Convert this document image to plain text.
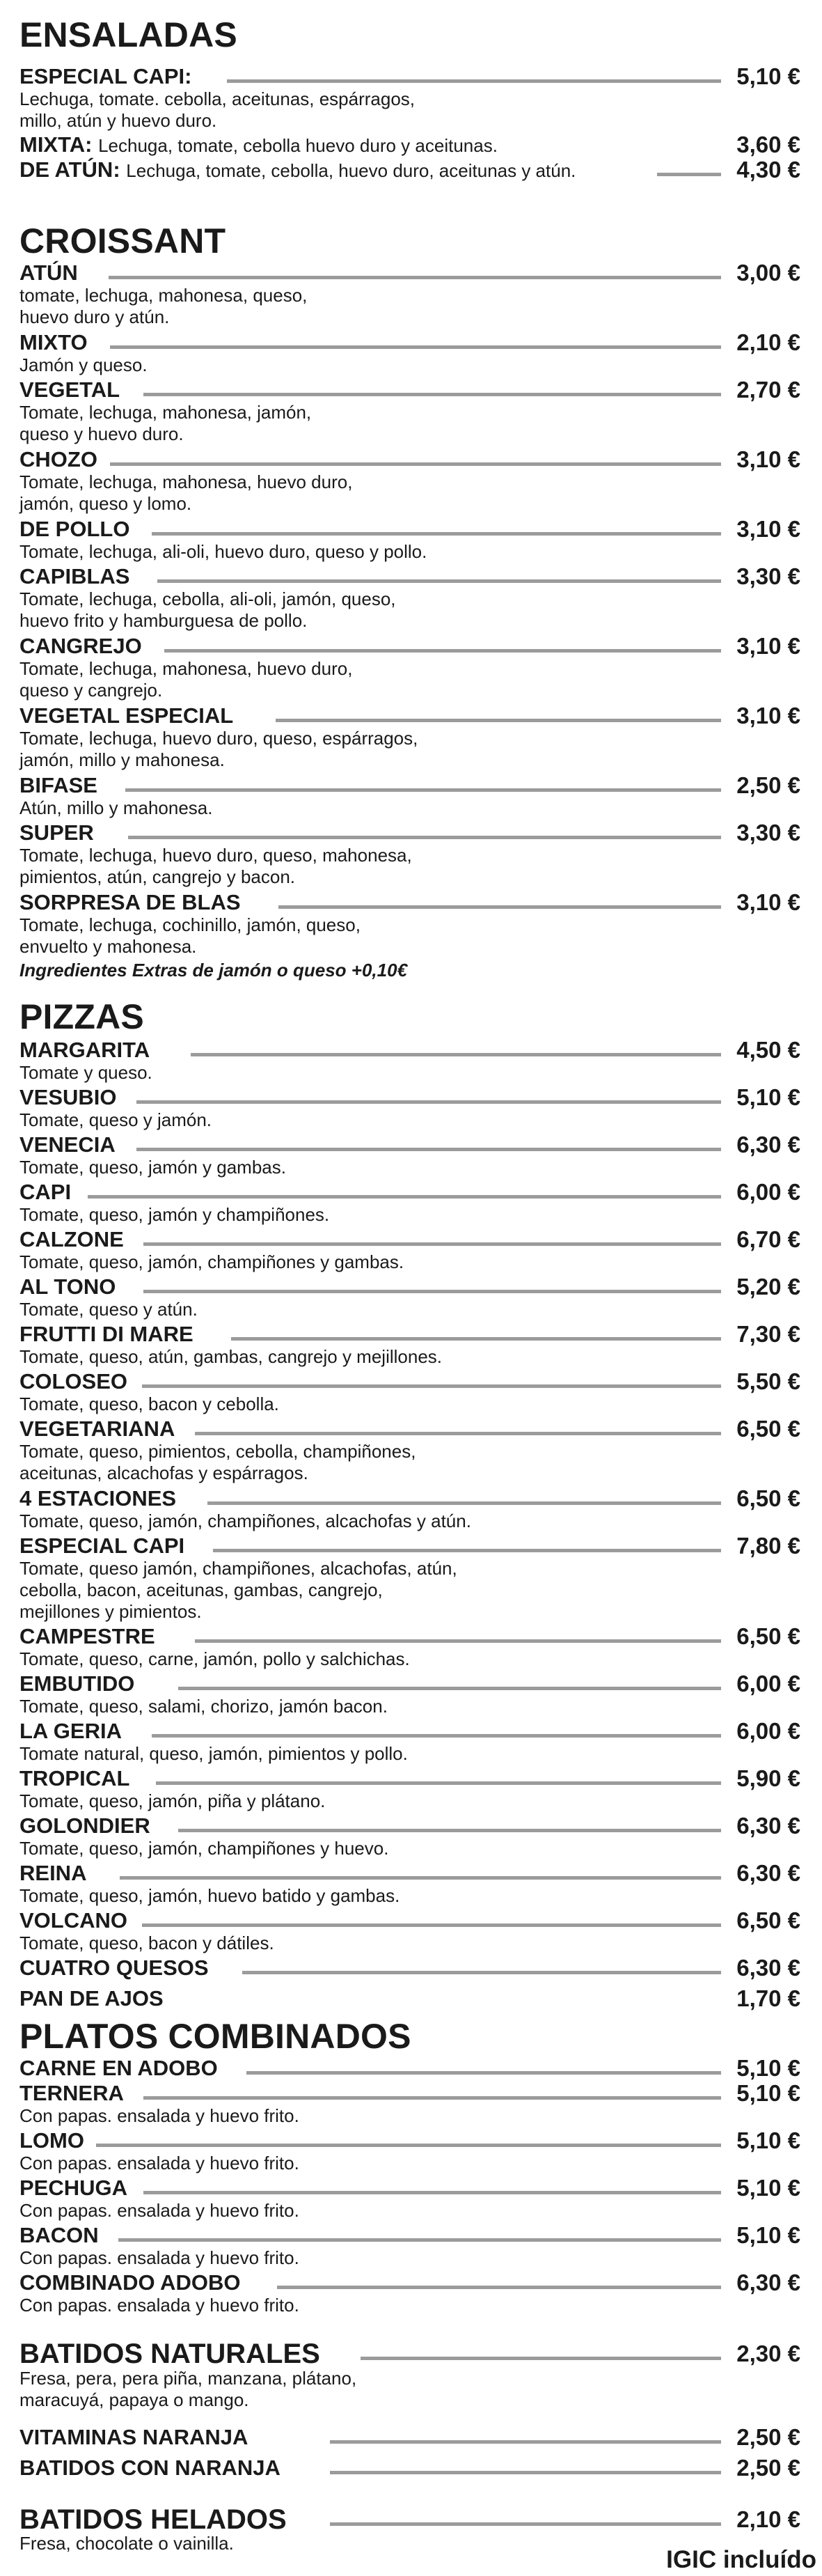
ENSALADAS
ESPECIAL CAPI:	5,10 €

Lechuga, tomate. cebolla, aceitunas, espárragos,
millo, atún y huevo duro.

MIXTA: Lechuga, tomate, cebolla huevo duro y aceitunas.	3,60 €
DE ATÚN: Lechuga, tomate, cebolla, huevo duro, aceitunas y atún.	4,30 €
CROISSANT
ATÚN	3,00 €

tomate, lechuga, mahonesa, queso,
huevo duro y atún.

MIXTO	2,10 €

Jamón y queso.

VEGETAL	2,70 €

Tomate, lechuga, mahonesa, jamón,
queso y huevo duro.

CHOZO	3,10 €

Tomate, lechuga, mahonesa, huevo duro,
jamón, queso y lomo.

DE POLLO	3,10 €

Tomate, lechuga, ali-oli, huevo duro, queso y pollo.

CAPIBLAS	3,30 €

Tomate, lechuga, cebolla, ali-oli, jamón, queso,
huevo frito y hamburguesa de pollo.

CANGREJO	3,10 €

Tomate, lechuga, mahonesa, huevo duro,
queso y cangrejo.

VEGETAL ESPECIAL	3,10 €

Tomate, lechuga, huevo duro, queso, espárragos,
jamón, millo y mahonesa.

BIFASE	2,50 €

Atún, millo y mahonesa.

SUPER	3,30 €

Tomate, lechuga, huevo duro, queso, mahonesa,
pimientos, atún, cangrejo y bacon.

SORPRESA DE BLAS	3,10 €

Tomate, lechuga, cochinillo, jamón, queso,
envuelto y mahonesa.

Ingredientes Extras de jamón o queso +0,10€

PIZZAS
MARGARITA	4,50 €

Tomate y queso.

VESUBIO	5,10 €

Tomate, queso y jamón.

VENECIA	6,30 €

Tomate, queso, jamón y gambas.

CAPI	6,00 €

Tomate, queso, jamón y champiñones.

CALZONE	6,70 €

Tomate, queso, jamón, champiñones y gambas.

AL TONO	5,20 €

Tomate, queso y atún.

FRUTTI DI MARE	7,30 €

Tomate, queso, atún, gambas, cangrejo y mejillones.

COLOSEO	5,50 €

Tomate, queso, bacon y cebolla.

VEGETARIANA	6,50 €

Tomate, queso, pimientos, cebolla, champiñones,
aceitunas, alcachofas y espárragos.

4 ESTACIONES	6,50 €

Tomate, queso, jamón, champiñones, alcachofas y atún.

ESPECIAL CAPI	7,80 €

Tomate, queso jamón, champiñones, alcachofas, atún,
cebolla, bacon, aceitunas, gambas, cangrejo,
mejillones y pimientos.

CAMPESTRE	6,50 €

Tomate, queso, carne, jamón, pollo y salchichas.

EMBUTIDO	6,00 €

Tomate, queso, salami, chorizo, jamón bacon.

LA GERIA	6,00 €

Tomate natural, queso, jamón, pimientos y pollo.

TROPICAL	5,90 €

Tomate, queso, jamón, piña y plátano.

GOLONDIER	6,30 €

Tomate, queso, jamón, champiñones y huevo.

REINA	6,30 €

Tomate, queso, jamón, huevo batido y gambas.

VOLCANO	6,50 €

Tomate, queso, bacon y dátiles.

CUATRO QUESOS	6,30 €
PAN DE AJOS	1,70 €
PLATOS COMBINADOS
CARNE EN ADOBO	5,10 €
TERNERA	5,10 €

Con papas. ensalada y huevo frito.

LOMO	5,10 €

Con papas. ensalada y huevo frito.

PECHUGA	5,10 €

Con papas. ensalada y huevo frito.

BACON	5,10 €

Con papas. ensalada y huevo frito.

COMBINADO ADOBO	6,30 €

Con papas. ensalada y huevo frito.

BATIDOS NATURALES	2,30 €

Fresa, pera, pera piña, manzana, plátano,
maracuyá, papaya o mango.

VITAMINAS NARANJA	2,50 €
BATIDOS CON NARANJA	2,50 €
BATIDOS HELADOS	2,10 €

Fresa, chocolate o vainilla.

IGIC incluído
